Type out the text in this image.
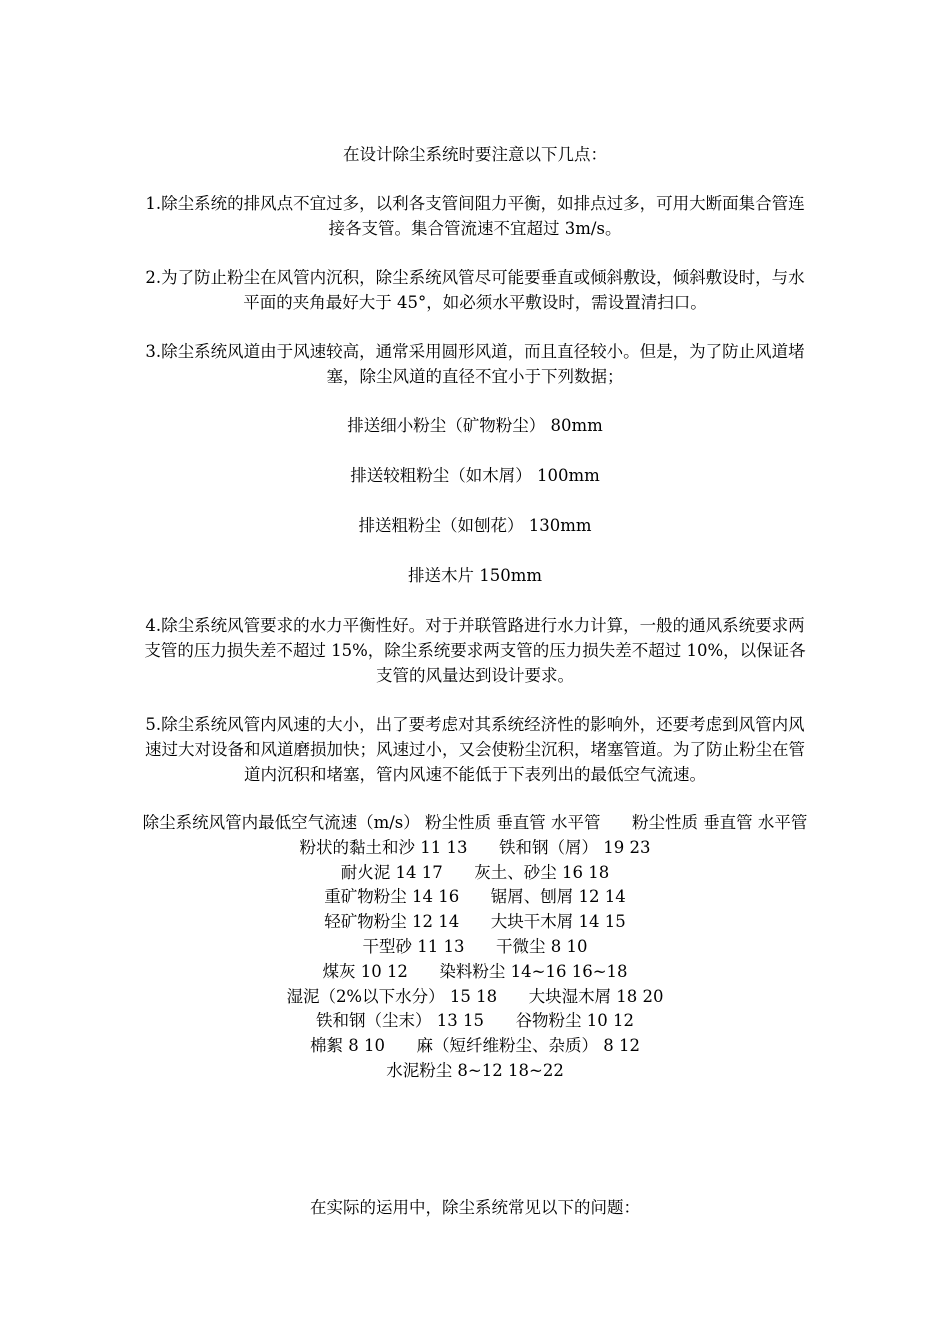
在设计除尘系统时要注意以下几点：

1.除尘系统的排风点不宜过多，以利各支管间阻力平衡，如排点过多，可用大断面集合管连接各支管。集合管流速不宜超过 3m/s。

2.为了防止粉尘在风管内沉积，除尘系统风管尽可能要垂直或倾斜敷设，倾斜敷设时，与水平面的夹角最好大于 45°，如必须水平敷设时，需设置清扫口。

3.除尘系统风道由于风速较高，通常采用圆形风道，而且直径较小。但是，为了防止风道堵塞，除尘风道的直径不宜小于下列数据；

排送细小粉尘（矿物粉尘） 80mm

排送较粗粉尘（如木屑） 100mm

排送粗粉尘（如刨花） 130mm

排送木片 150mm

4.除尘系统风管要求的水力平衡性好。对于并联管路进行水力计算，一般的通风系统要求两支管的压力损失差不超过 15%，除尘系统要求两支管的压力损失差不超过 10%，以保证各支管的风量达到设计要求。

5.除尘系统风管内风速的大小，出了要考虑对其系统经济性的影响外，还要考虑到风管内风速过大对设备和风道磨损加快；风速过小，又会使粉尘沉积，堵塞管道。为了防止粉尘在管道内沉积和堵塞，管内风速不能低于下表列出的最低空气流速。

除尘系统风管内最低空气流速（m/s） 粉尘性质 垂直管 水平管      粉尘性质 垂直管 水平管
粉状的黏土和沙 11 13      铁和钢（屑） 19 23
耐火泥 14 17      灰土、砂尘 16 18
重矿物粉尘 14 16      锯屑、刨屑 12 14
轻矿物粉尘 12 14      大块干木屑 14 15
干型砂 11 13      干微尘 8 10
煤灰 10 12      染料粉尘 14~16 16~18
湿泥（2%以下水分） 15 18      大块湿木屑 18 20
铁和钢（尘末） 13 15      谷物粉尘 10 12
棉絮 8 10      麻（短纤维粉尘、杂质） 8 12
水泥粉尘 8~12 18~22

在实际的运用中，除尘系统常见以下的问题：
